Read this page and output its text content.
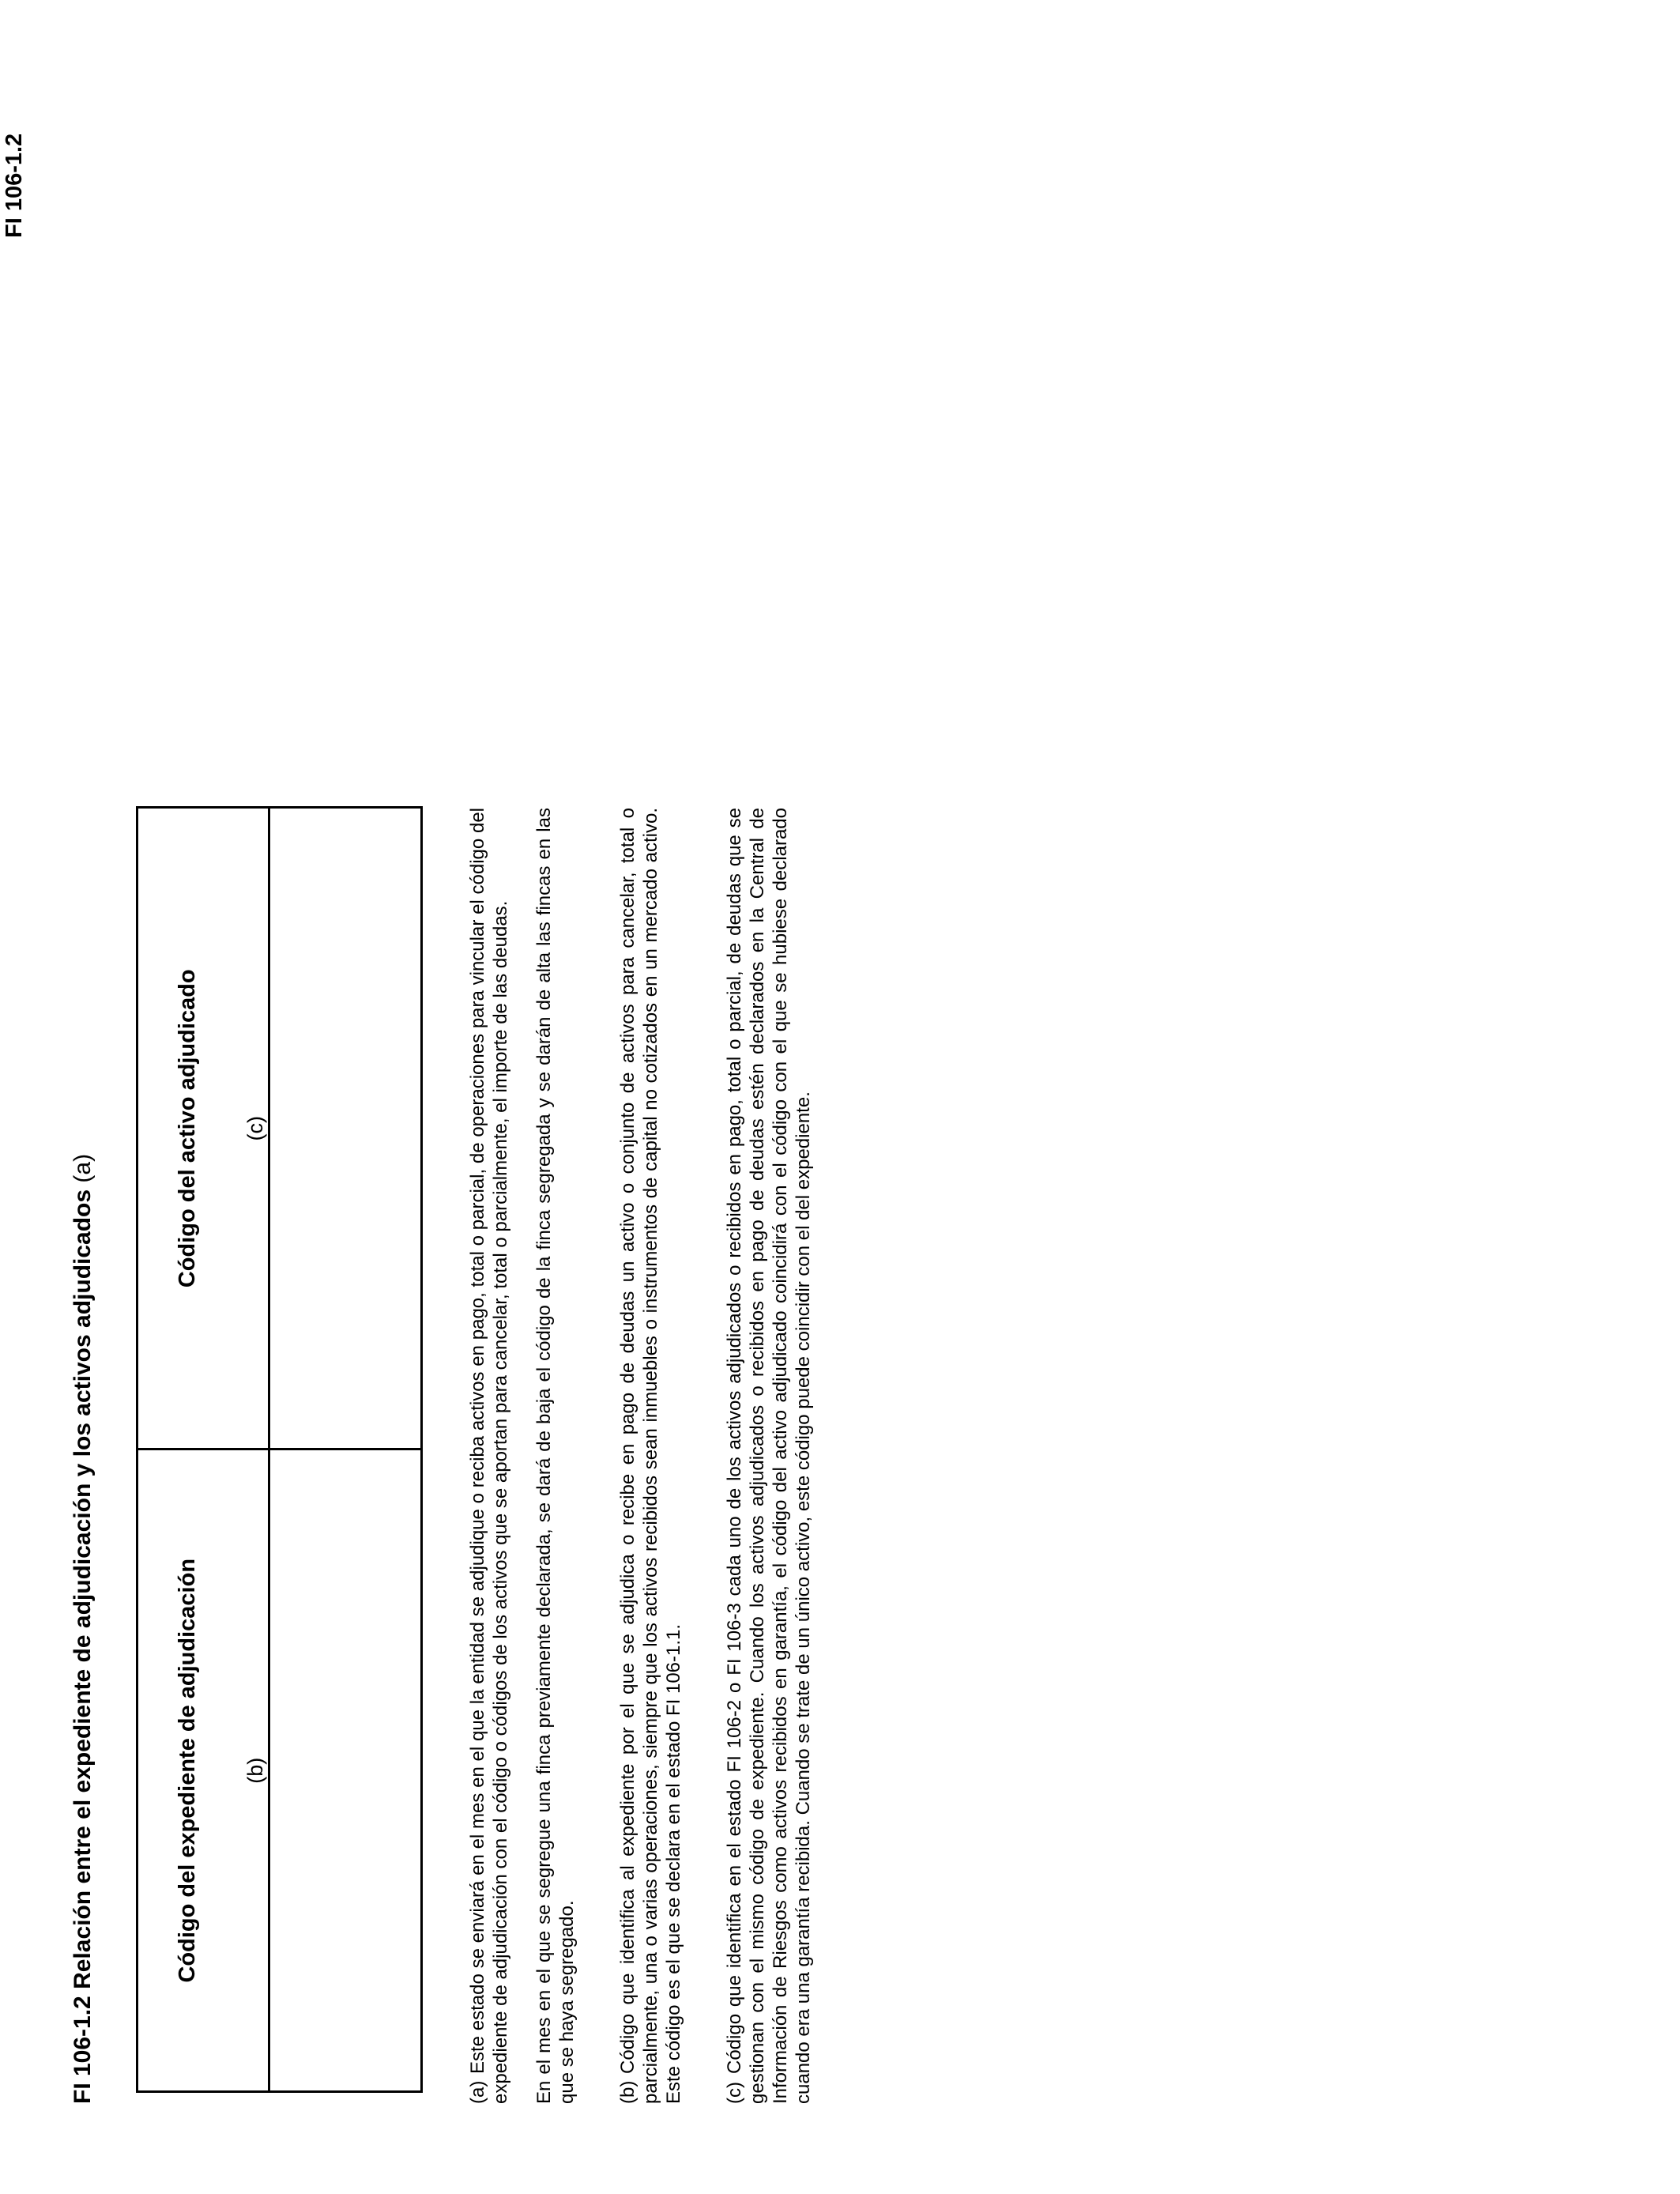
FI 106-1.2
FI 106-1.2 Relación entre el expediente de adjudicación y los activos adjudicados (a)
Código del expediente de adjudicación (b)	Código del activo adjudicado (c)

(a)Este estado se enviará en el mes en el que la entidad se adjudique o reciba activos en pago, total o parcial, de operaciones para vincular el código del expediente de adjudicación con el código o códigos de los activos que se aportan para cancelar, total o parcialmente, el importe de las deudas. En el mes en el que se segregue una finca previamente declarada, se dará de baja el código de la finca segregada y se darán de alta las fincas en las que se haya segregado. (b)Código que identifica al expediente por el que se adjudica o recibe en pago de deudas un activo o conjunto de activos para cancelar, total o parcialmente, una o varias operaciones, siempre que los activos recibidos sean inmuebles o instrumentos de capital no cotizados en un mercado activo. Este código es el que se declara en el estado FI 106-1.1. (c)Código que identifica en el estado FI 106-2 o FI 106-3 cada uno de los activos adjudicados o recibidos en pago, total o parcial, de deudas que se gestionan con el mismo código de expediente. Cuando los activos adjudicados o recibidos en pago de deudas estén declarados en la Central de Información de Riesgos como activos recibidos en garantía, el código del activo adjudicado coincidirá con el código con el que se hubiese declarado cuando era una garantía recibida. Cuando se trate de un único activo, este código puede coincidir con el del expediente.
